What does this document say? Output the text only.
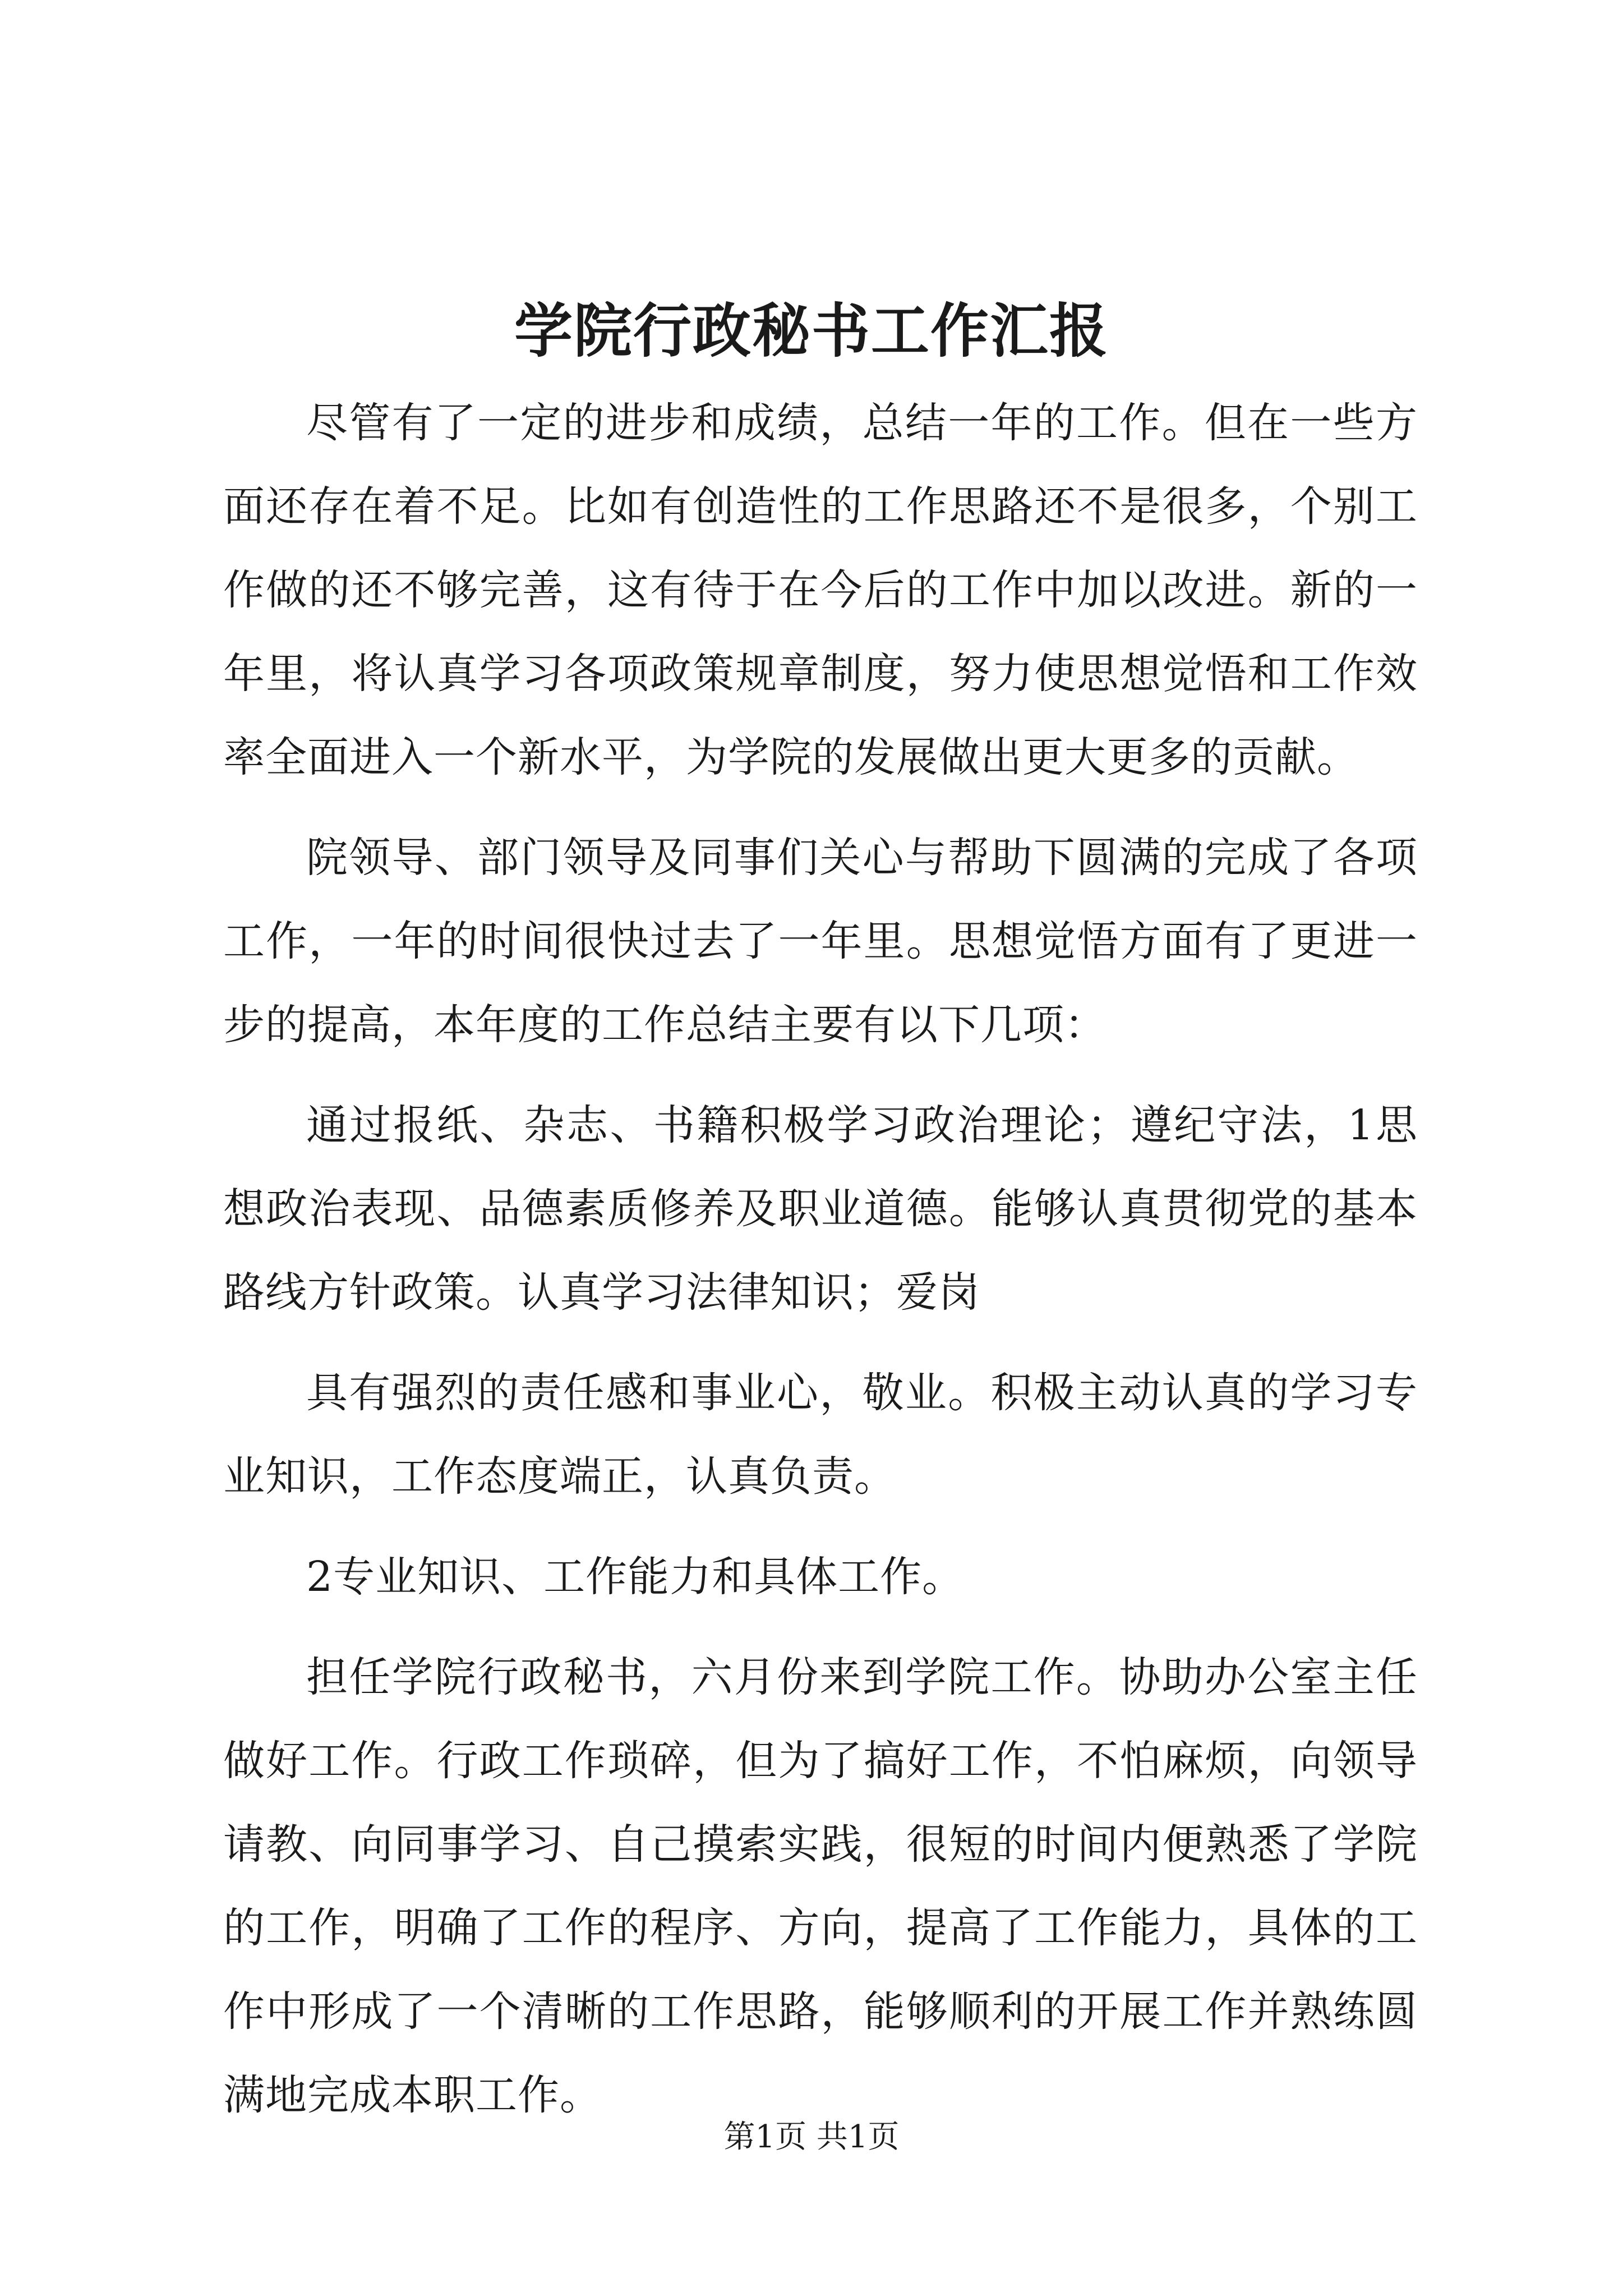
学院行政秘书工作汇报

尽管有了一定的进步和成绩，总结一年的工作。但在一些方面还存在着不足。比如有创造性的工作思路还不是很多，个别工作做的还不够完善，这有待于在今后的工作中加以改进。新的一年里，将认真学习各项政策规章制度，努力使思想觉悟和工作效率全面进入一个新水平，为学院的发展做出更大更多的贡献。

院领导、部门领导及同事们关心与帮助下圆满的完成了各项工作，一年的时间很快过去了一年里。思想觉悟方面有了更进一步的提高，本年度的工作总结主要有以下几项：

通过报纸、杂志、书籍积极学习政治理论；遵纪守法，1思想政治表现、品德素质修养及职业道德。能够认真贯彻党的基本路线方针政策。认真学习法律知识；爱岗

具有强烈的责任感和事业心，敬业。积极主动认真的学习专业知识，工作态度端正，认真负责。

2专业知识、工作能力和具体工作。

担任学院行政秘书，六月份来到学院工作。协助办公室主任做好工作。行政工作琐碎，但为了搞好工作，不怕麻烦，向领导请教、向同事学习、自己摸索实践，很短的时间内便熟悉了学院的工作，明确了工作的程序、方向，提高了工作能力，具体的工作中形成了一个清晰的工作思路，能够顺利的开展工作并熟练圆满地完成本职工作。

第1页 共1页
